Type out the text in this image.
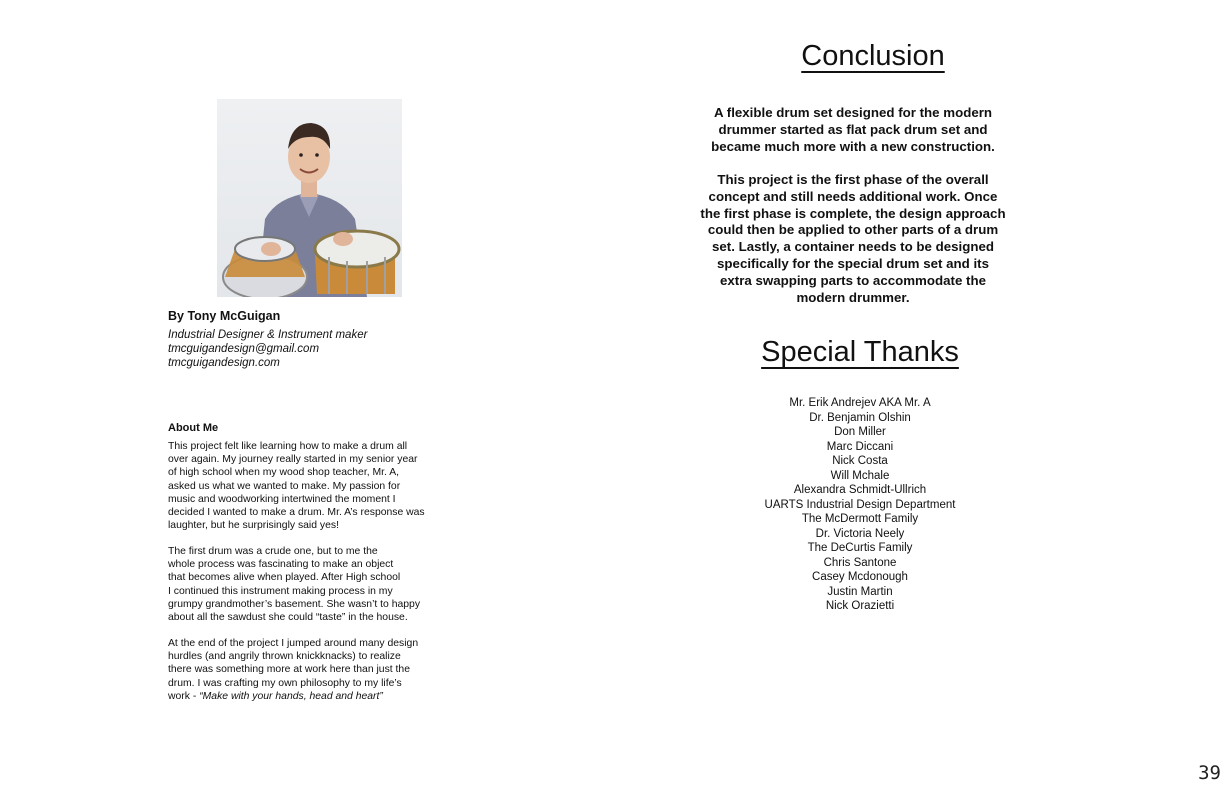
By Tony McGuigan
Industrial Designer & Instrument maker
tmcguigandesign@gmail.com
tmcguigandesign.com
About Me
This project felt like learning how to make a drum all
over again. My journey really started in my senior year
of high school when my wood shop teacher, Mr. A,
asked us what we wanted to make. My passion for
music and woodworking intertwined the moment I
decided I wanted to make a drum. Mr. A’s response was
laughter, but he surprisingly said yes!
The first drum was a crude one, but to me the
whole process was fascinating to make an object
that becomes alive when played. After High school
I continued this instrument making process in my
grumpy grandmother’s basement. She wasn’t to happy
about all the sawdust she could “taste” in the house.
At the end of the project I jumped around many design
hurdles (and angrily thrown knickknacks) to realize
there was something more at work here than just the
drum. I was crafting my own philosophy to my life’s
work - “Make with your hands, head and heart”
Conclusion
A flexible drum set designed for the modern
drummer started as flat pack drum set and
became much more with a new construction.
This project is the first phase of the overall
concept and still needs additional work. Once
the first phase is complete, the design approach
could then be applied to other parts of a drum
set. Lastly, a container needs to be designed
specifically for the special drum set and its
extra swapping parts to accommodate the
modern drummer.
Special Thanks
Mr. Erik Andrejev AKA Mr. A
Dr. Benjamin Olshin
Don Miller
Marc Diccani
Nick Costa
Will Mchale
Alexandra Schmidt-Ullrich
UARTS Industrial Design Department
The McDermott Family
Dr. Victoria Neely
The DeCurtis Family
Chris Santone
Casey Mcdonough
Justin Martin
Nick Orazietti
39
